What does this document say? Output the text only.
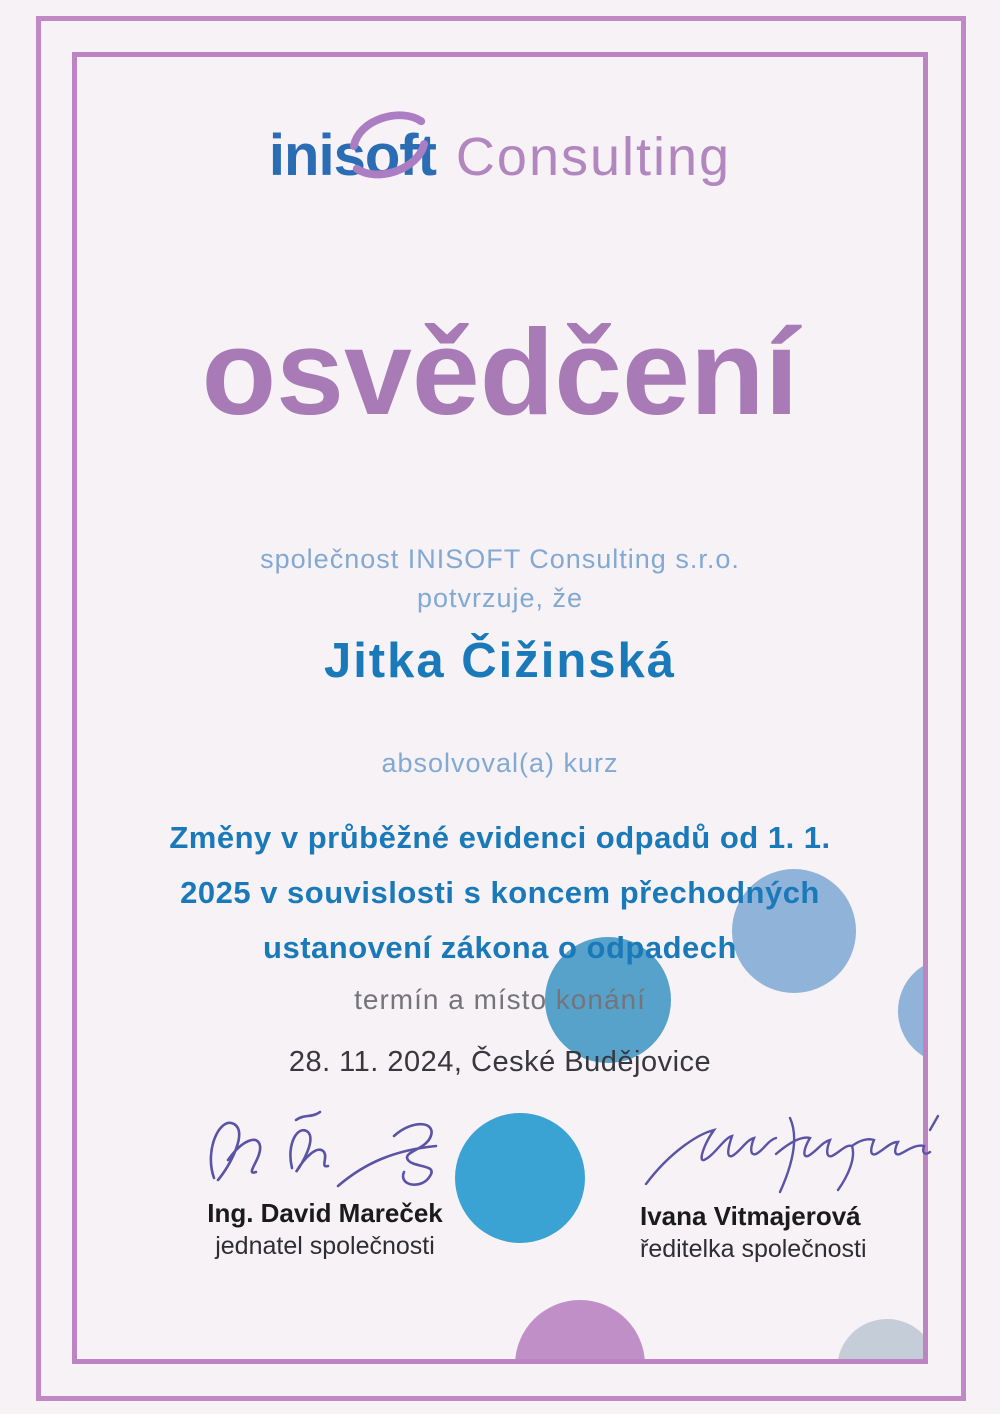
iniso
ft Consulting
osvědčení
společnost INISOFT Consulting s.r.o.
potvrzuje, že
Jitka Čižinská
absolvoval(a) kurz
Změny v průběžné evidenci odpadů od 1. 1.
2025 v souvislosti s koncem přechodných
ustanovení zákona o odpadech
termín a místo konání
28. 11. 2024, České Budějovice
Ing. David Mareček
jednatel společnosti
Ivana Vitmajerová
ředitelka společnosti
